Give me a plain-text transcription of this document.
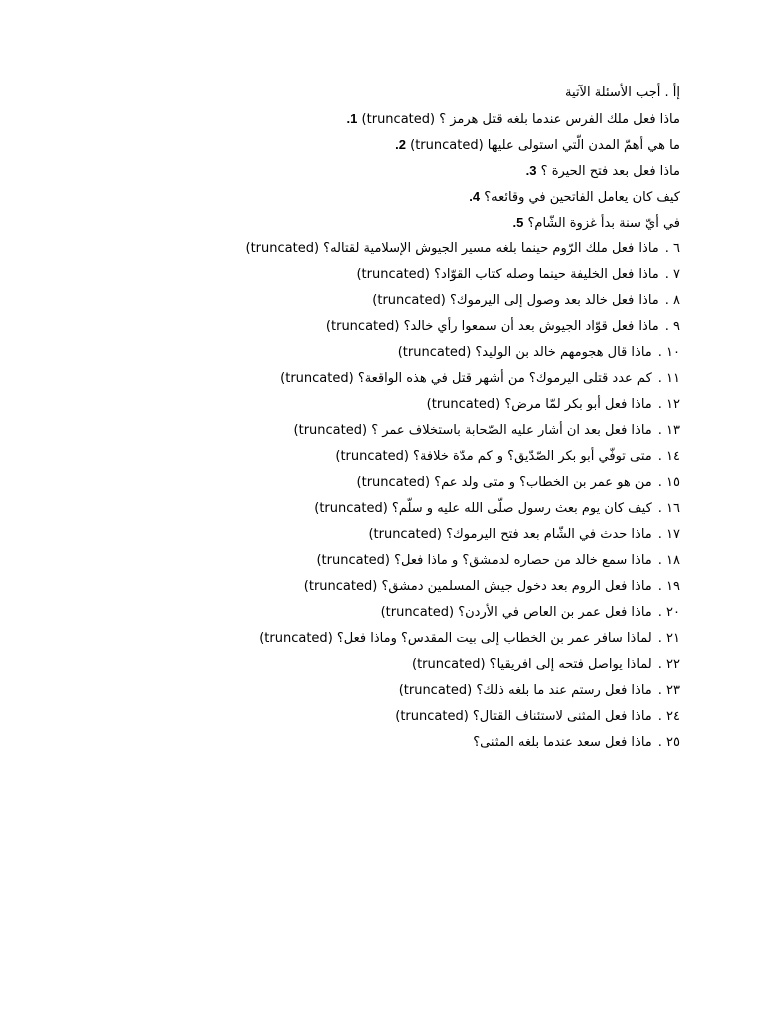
إأ . أجب الأسئلة الآتية
ماذا فعل ملك الفرس عندما بلغه قتل هرمز ؟ (truncated) 1.
ما هي أهمّ المدن الّتي استولى عليها (truncated) 2.
ماذا فعل بعد فتح الحيرة ؟ 3.
كيف كان يعامل الفاتحين في وقائعه؟ 4.
في أيّ سنة بدأ غزوة الشّام؟ 5.
٦ .ماذا فعل ملك الرّوم حينما بلغه مسير الجيوش الإسلامية لقتاله؟ (truncated)
٧ .ماذا فعل الخليفة حينما وصله كتاب القوّاد؟ (truncated)
٨ .ماذا فعل خالد بعد وصول إلى اليرموك؟ (truncated)
٩ .ماذا فعل قوّاد الجيوش بعد أن سمعوا رأي خالد؟ (truncated)
١٠ .ماذا قال هجومهم خالد بن الوليد؟ (truncated)
١١ .كم عدد قتلى اليرموك؟ من أشهر قتل في هذه الواقعة؟ (truncated)
١٢ .ماذا فعل أبو بكر لمّا مرض؟ (truncated)
١٣ .ماذا فعل بعد ان أشار عليه الصّحابة باستخلاف عمر ؟ (truncated)
١٤ .متى توفّي أبو بكر الصّدّيق؟ و كم مدّة خلافة؟ (truncated)
١٥ .من هو عمر بن الخطاب؟ و متى ولد عم؟ (truncated)
١٦ .كيف كان يوم بعث رسول صلّى الله عليه و سلّم؟ (truncated)
١٧ .ماذا حدث في الشّام بعد فتح اليرموك؟ (truncated)
١٨ .ماذا سمع خالد من حصاره لدمشق؟ و ماذا فعل؟ (truncated)
١٩ .ماذا فعل الروم بعد دخول جيش المسلمين دمشق؟ (truncated)
٢٠ .ماذا فعل عمر بن العاص في الأردن؟ (truncated)
٢١ .لماذا سافر عمر بن الخطاب إلى بيت المقدس؟ وماذا فعل؟ (truncated)
٢٢ .لماذا يواصل فتحه إلى افريقيا؟ (truncated)
٢٣ .ماذا فعل رستم عند ما بلغه ذلك؟ (truncated)
٢٤ .ماذا فعل المثنى لاستئناف القتال؟ (truncated)
٢٥ .ماذا فعل سعد عندما بلغه المثنى؟
